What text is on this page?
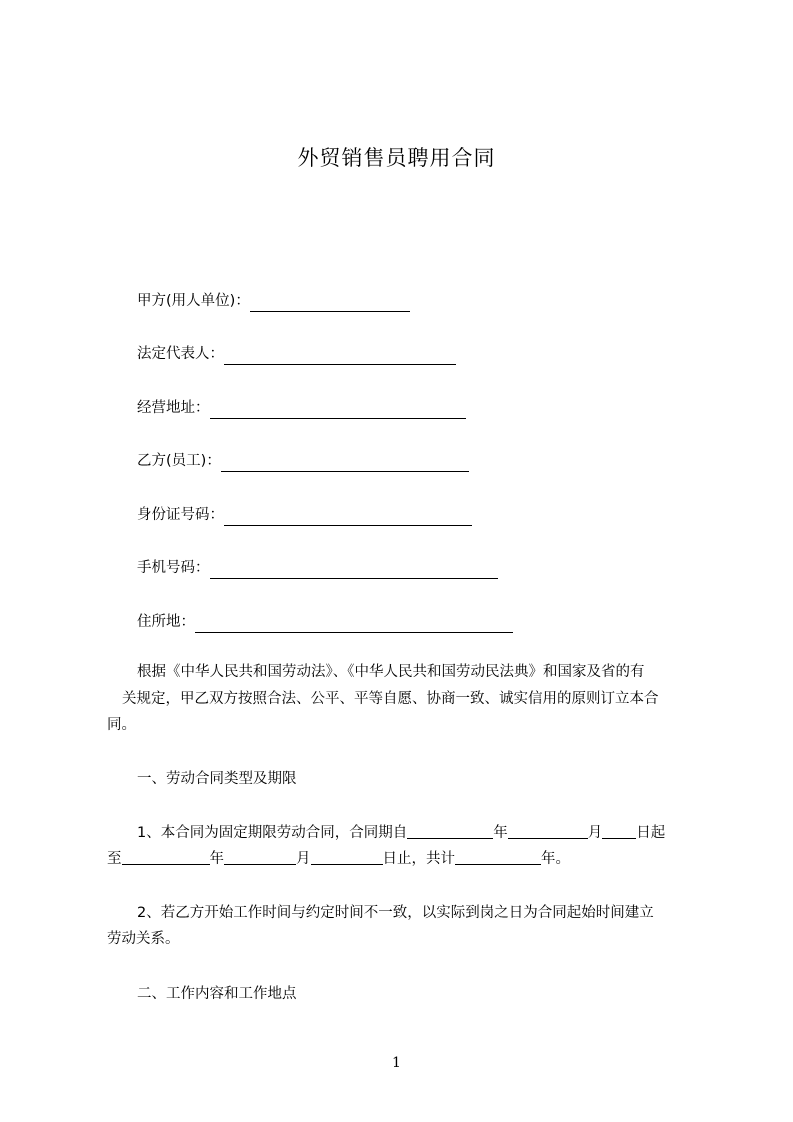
外贸销售员聘用合同
甲方(用人单位)：
法定代表人：
经营地址：
乙方(员工)：
身份证号码：
手机号码：
住所地：
根据《中华人民共和国劳动法》、《中华人民共和国劳动民法典》和国家及省的有
关规定，甲乙双方按照合法、公平、平等自愿、协商一致、诚实信用的原则订立本合
同。
一、劳动合同类型及期限
1、本合同为固定期限劳动合同，合同期自	年	月 日起
至	年	月	日止，共计	年。
2、若乙方开始工作时间与约定时间不一致，以实际到岗之日为合同起始时间建立
劳动关系。
二、工作内容和工作地点
1
